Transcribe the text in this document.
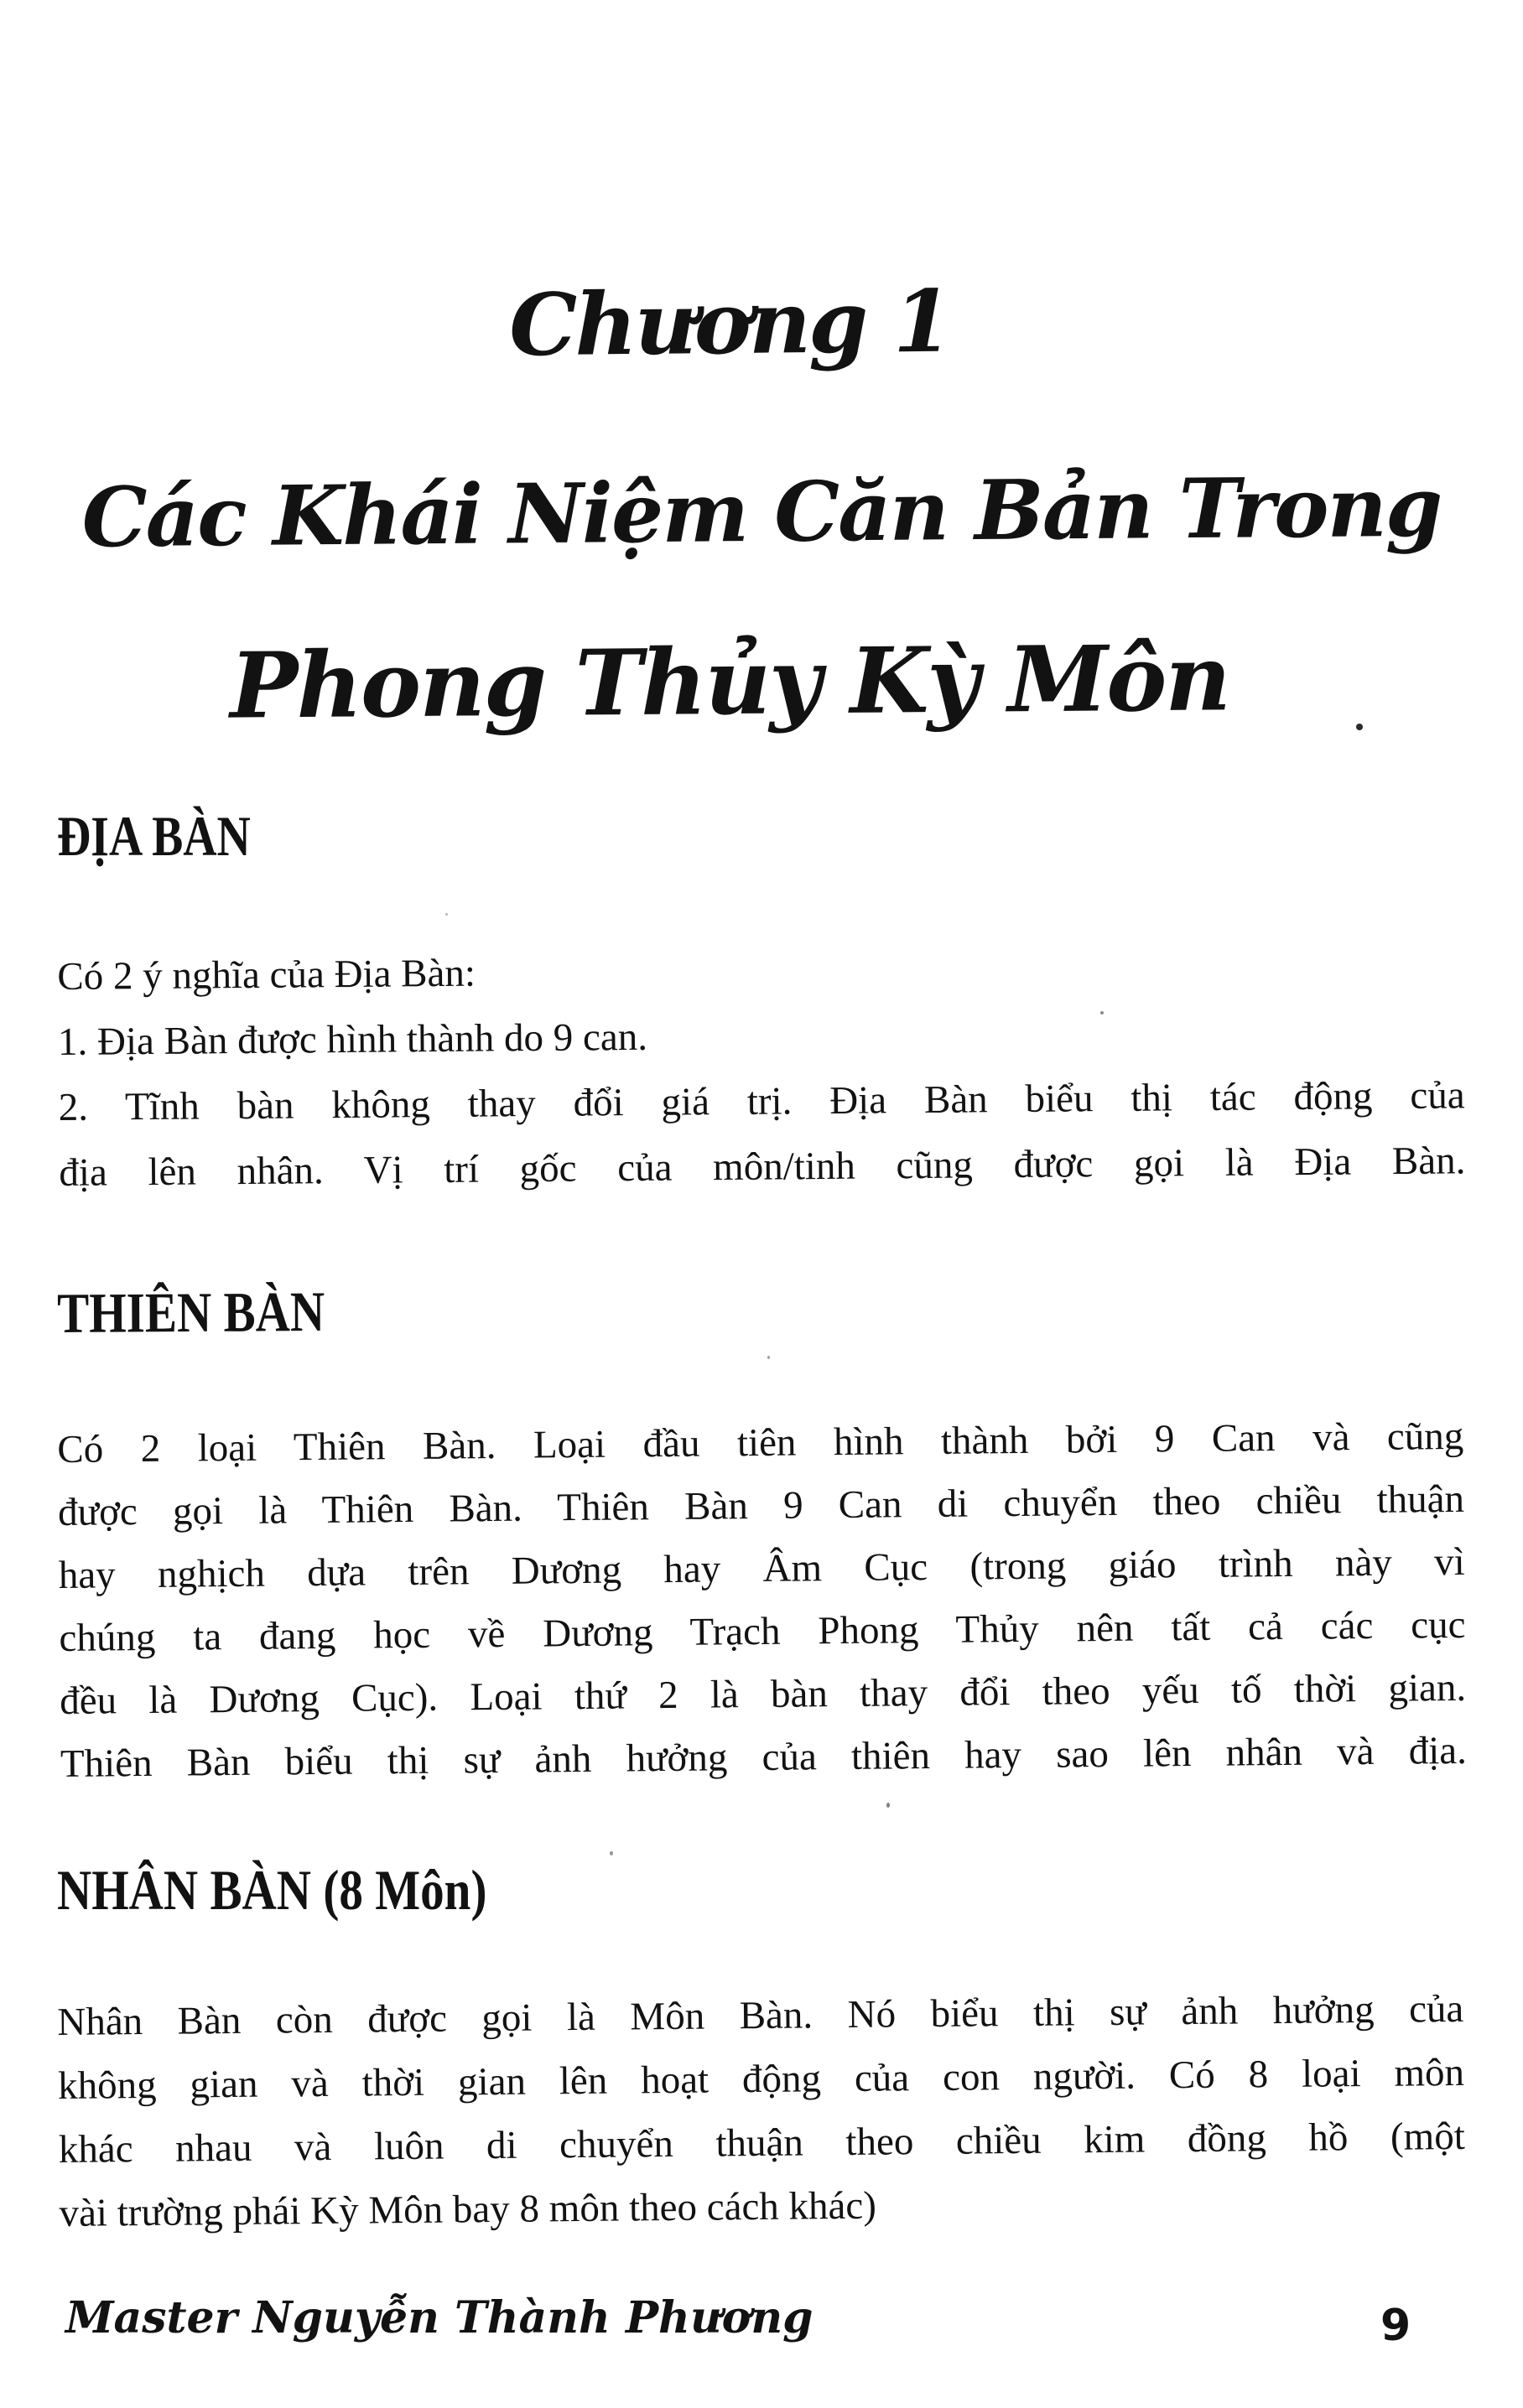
Chương 1
Các Khái Niệm Căn Bản Trong
Phong Thủy Kỳ Môn
ĐỊA BÀN
Có 2 ý nghĩa của Địa Bàn:
1. Địa Bàn được hình thành do 9 can.
2. Tĩnh bàn không thay đổi giá trị. Địa Bàn biểu thị tác động của
địa lên nhân. Vị trí gốc của môn/tinh cũng được gọi là Địa Bàn.
THIÊN BÀN
Có 2 loại Thiên Bàn. Loại đầu tiên hình thành bởi 9 Can và cũng
được gọi là Thiên Bàn. Thiên Bàn 9 Can di chuyển theo chiều thuận
hay nghịch dựa trên Dương hay Âm Cục (trong giáo trình này vì
chúng ta đang học về Dương Trạch Phong Thủy nên tất cả các cục
đều là Dương Cục). Loại thứ 2 là bàn thay đổi theo yếu tố thời gian.
Thiên Bàn biểu thị sự ảnh hưởng của thiên hay sao lên nhân và địa.
NHÂN BÀN (8 Môn)
Nhân Bàn còn được gọi là Môn Bàn. Nó biểu thị sự ảnh hưởng của
không gian và thời gian lên hoạt động của con người. Có 8 loại môn
khác nhau và luôn di chuyển thuận theo chiều kim đồng hồ (một
vài trường phái Kỳ Môn bay 8 môn theo cách khác)
Master Nguyễn Thành Phương	9
